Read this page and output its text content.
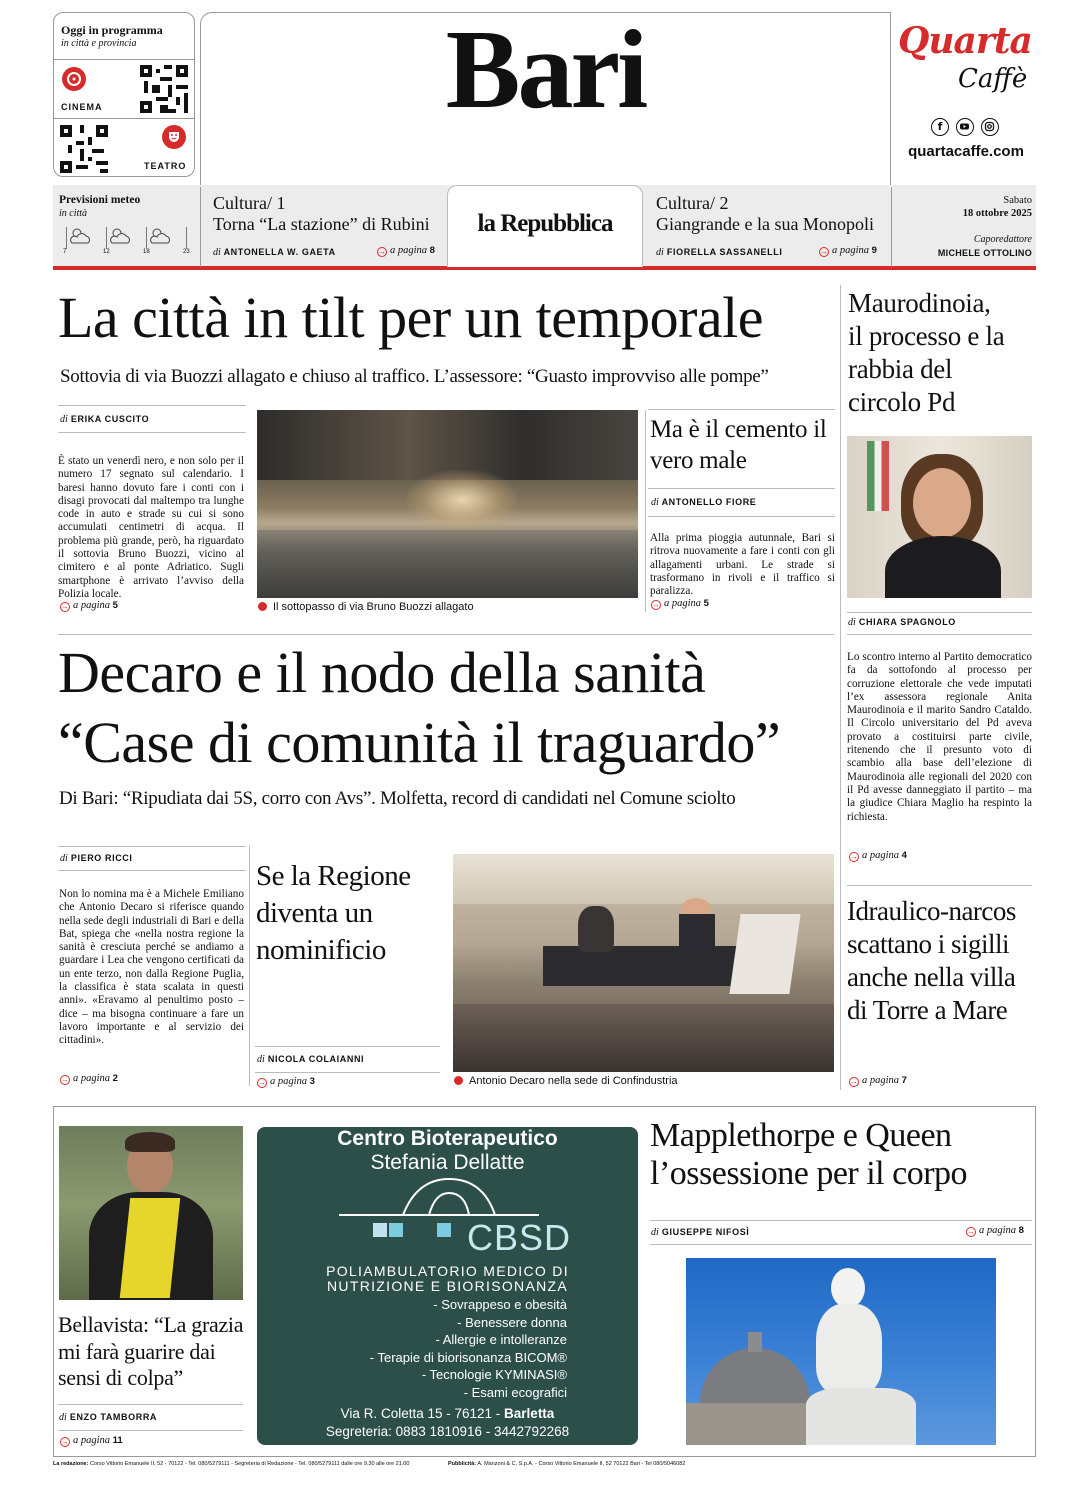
Oggi in programma
in città e provincia
CINEMA
TEATRO
Bari	Quarta
Caffè
f
quartacaffe.com
Previsioni meteo
in città
7	12	18	23
Cultura/ 1
Torna “La stazione” di Rubini
di ANTONELLA W. GAETA	→ a pagina 8
la Repubblica
Cultura/ 2
Giangrande e la sua Monopoli
di FIORELLA SASSANELLI	→ a pagina 9
Sabato
18 ottobre 2025
Caporedattore
MICHELE OTTOLINO
La città in tilt per un temporale
Sottovia di via Buozzi allagato e chiuso al traffico. L’assessore: “Guasto improvviso alle pompe”
di ERIKA CUSCITO
È stato un venerdì nero, e non solo per il numero 17 segnato sul calendario. I baresi hanno dovuto fare i conti con i disagi provocati dal maltempo tra lunghe code in auto e strade su cui si sono accumulati centimetri di acqua. Il problema più grande, però, ha riguardato il sottovia Bruno Buozzi, vicino al cimitero e al ponte Adriatico. Sugli smartphone è arrivato l’avviso della Polizia locale.
→ a pagina 5	Il sottopasso di via Bruno Buozzi allagato
Ma è il cemento il vero male
di ANTONELLO FIORE
Alla prima pioggia autunnale, Bari si ritrova nuovamente a fare i conti con gli allagamenti urbani. Le strade si trasformano in rivoli e il traffico si paralizza.
→ a pagina 5
Maurodinoia, il processo e la rabbia del circolo Pd
di CHIARA SPAGNOLO
Lo scontro interno al Partito democratico fa da sottofondo al processo per corruzione elettorale che vede imputati l’ex assessora regionale Anita Maurodinoia e il marito Sandro Cataldo. Il Circolo universitario del Pd aveva provato a costituirsi parte civile, ritenendo che il presunto voto di scambio alla base dell’elezione di Maurodinoia alle regionali del 2020 con il Pd avesse danneggiato il partito – ma la giudice Chiara Maglio ha respinto la richiesta.
→ a pagina 4
Idraulico-narcos scattano i sigilli anche nella villa di Torre a Mare
→ a pagina 7
Decaro e il nodo della sanità
“Case di comunità il traguardo”
Di Bari: “Ripudiata dai 5S, corro con Avs”. Molfetta, record di candidati nel Comune sciolto
di PIERO RICCI
Non lo nomina ma è a Michele Emiliano che Antonio Decaro si riferisce quando nella sede degli industriali di Bari e della Bat, spiega che «nella nostra regione la sanità è cresciuta perché se andiamo a guardare i Lea che vengono certificati da un ente terzo, non dalla Regione Puglia, la classifica è stata scalata in questi anni». «Eravamo al penultimo posto – dice – ma bisogna continuare a fare un lavoro importante e al servizio dei cittadini».
→ a pagina 2
Se la Regione diventa un nominificio
di NICOLA COLAIANNI
→ a pagina 3	Antonio Decaro nella sede di Confindustria
Bellavista: “La grazia mi farà guarire dai sensi di colpa”
di ENZO TAMBORRA
→ a pagina 11
Centro Bioterapeutico
Stefania Dellatte
CBSD
POLIAMBULATORIO MEDICO DI
NUTRIZIONE E BIORISONANZA
- Sovrappeso e obesità
- Benessere donna
- Allergie e intolleranze
- Terapie di biorisonanza BICOM®
- Tecnologie KYMINASI®
- Esami ecografici
Via R. Coletta 15 - 76121 - Barletta
Segreteria: 0883 1810916 - 3442792268
Mapplethorpe e Queen
l’ossessione per il corpo
di GIUSEPPE NIFOSÌ	→ a pagina 8
La redazione: Corso Vittorio Emanuele II, 52 - 70122 - Tel. 080/5279111 - Segreteria di Redazione - Tel. 080/5279111 dalle ore 9.30 alle ore 21.00	Pubblicità: A. Manzoni & C. S.p.A. - Corso Vittorio Emanuele II, 52 70122 Bari - Tel 080/5046082
